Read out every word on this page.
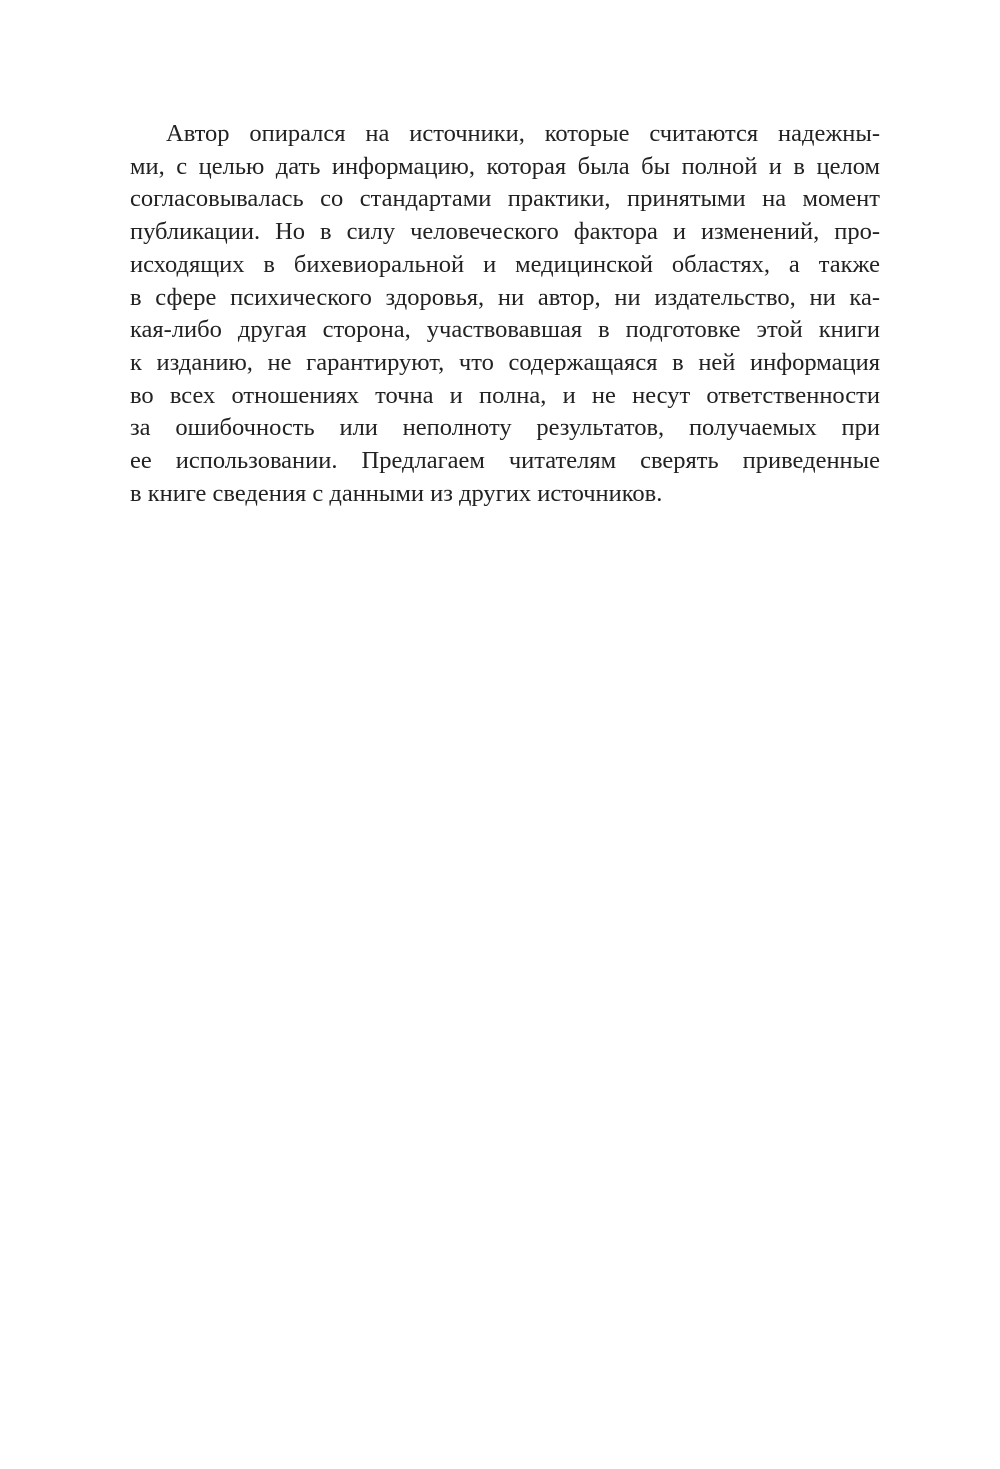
Автор опирался на источники, которые считаются надежны-
ми, с целью дать информацию, которая была бы полной и в целом
согласовывалась со стандартами практики, принятыми на момент
публикации. Но в силу человеческого фактора и изменений, про-
исходящих в бихевиоральной и медицинской областях, а также
в сфере психического здоровья, ни автор, ни издательство, ни ка-
кая-либо другая сторона, участвовавшая в подготовке этой книги
к изданию, не гарантируют, что содержащаяся в ней информация
во всех отношениях точна и полна, и не несут ответственности
за ошибочность или неполноту результатов, получаемых при
ее использовании. Предлагаем читателям сверять приведенные
в книге сведения с данными из других источников.
